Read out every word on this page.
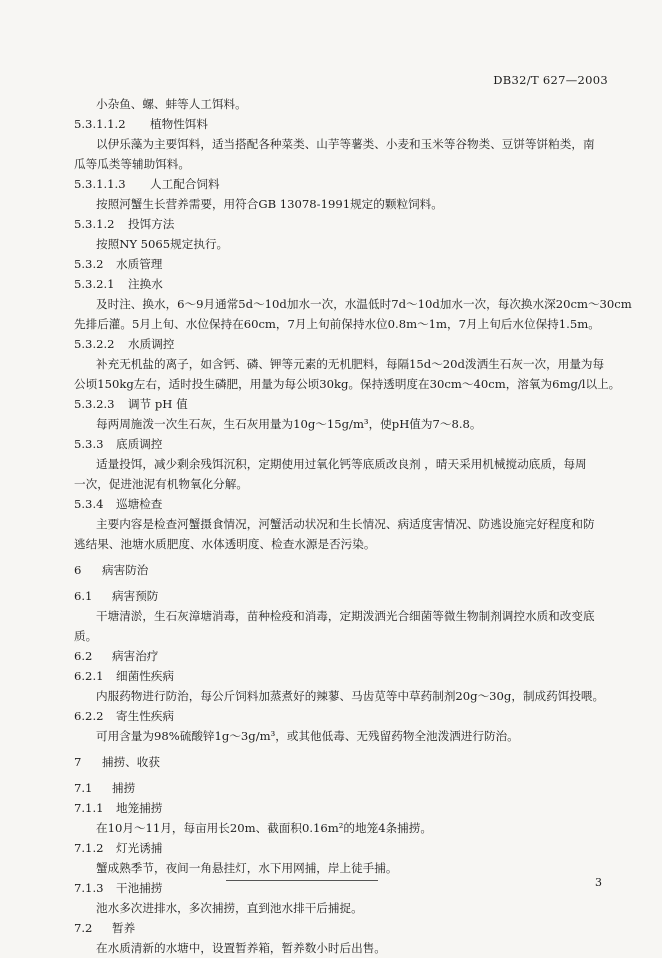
DB32/T 627—2003
小杂鱼、螺、蚌等人工饵料。
5.3.1.1.2 植物性饵料
以伊乐藻为主要饵料，适当搭配各种菜类、山芋等薯类、小麦和玉米等谷物类、豆饼等饼粕类，南
瓜等瓜类等辅助饵料。
5.3.1.1.3 人工配合饲料
按照河蟹生长营养需要，用符合GB 13078-1991规定的颗粒饲料。
5.3.1.2 投饵方法
按照NY 5065规定执行。
5.3.2 水质管理
5.3.2.1 注换水
及时注、换水，6～9月通常5d～10d加水一次，水温低时7d～10d加水一次，每次换水深20cm～30cm
先排后灌。5月上旬、水位保持在60cm，7月上旬前保持水位0.8m～1m，7月上旬后水位保持1.5m。
5.3.2.2 水质调控
补充无机盐的离子，如含钙、磷、钾等元素的无机肥料，每隔15d～20d泼洒生石灰一次，用量为每
公顷150kg左右，适时投生磷肥，用量为每公顷30kg。保持透明度在30cm～40cm，溶氧为6mg/l以上。
5.3.2.3 调节 pH 值
每两周施泼一次生石灰，生石灰用量为10g～15g/m³，使pH值为7～8.8。
5.3.3 底质调控
适量投饵，减少剩余残饵沉积，定期使用过氧化钙等底质改良剂 ，晴天采用机械搅动底质，每周
一次，促进池泥有机物氧化分解。
5.3.4 巡塘检查
主要内容是检查河蟹摄食情况，河蟹活动状况和生长情况、病适度害情况、防逃设施完好程度和防
逃结果、池塘水质肥度、水体透明度、检查水源是否污染。
6 病害防治
6.1 病害预防
干塘清淤，生石灰漳塘消毒，苗种检疫和消毒，定期泼洒光合细菌等微生物制剂调控水质和改变底
质。
6.2 病害治疗
6.2.1 细菌性疾病
内服药物进行防治，每公斤饲料加蒸煮好的辣蓼、马齿苋等中草药制剂20g～30g，制成药饵投喂。
6.2.2 寄生性疾病
可用含量为98%硫酸锌1g～3g/m³，或其他低毒、无残留药物全池泼洒进行防治。
7 捕捞、收获
7.1 捕捞
7.1.1 地笼捕捞
在10月～11月，每亩用长20m、截面积0.16m²的地笼4条捕捞。
7.1.2 灯光诱捕
蟹成熟季节，夜间一角悬挂灯，水下用网捕，岸上徒手捕。
7.1.3 干池捕捞
池水多次进排水，多次捕捞，直到池水排干后捕捉。
7.2 暂养
在水质清新的水塘中，设置暂养箱，暂养数小时后出售。
3
